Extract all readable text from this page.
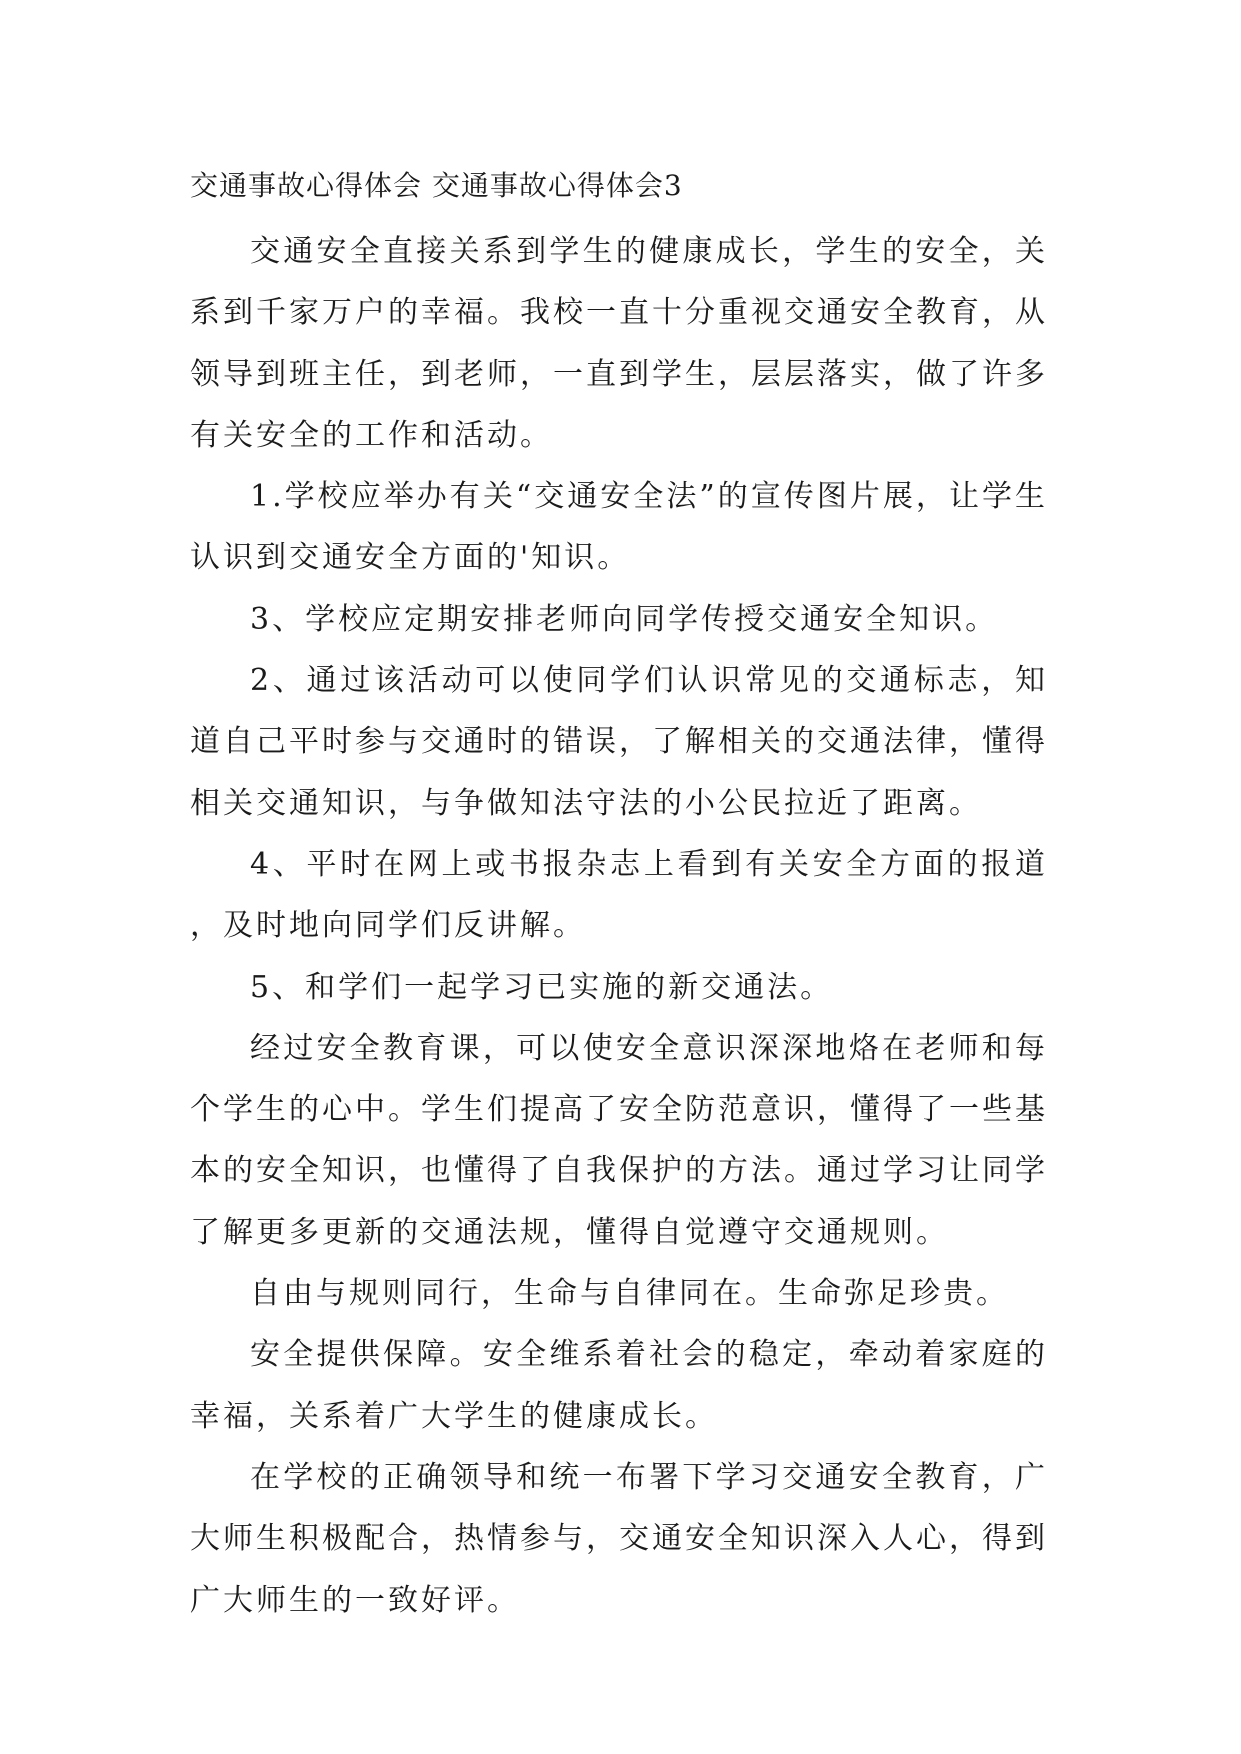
交通事故心得体会 交通事故心得体会3

交通安全直接关系到学生的健康成长，学生的安全，关系到千家万户的幸福。我校一直十分重视交通安全教育，从领导到班主任，到老师，一直到学生，层层落实，做了许多有关安全的工作和活动。

1.学校应举办有关“交通安全法”的宣传图片展，让学生认识到交通安全方面的'知识。

3、学校应定期安排老师向同学传授交通安全知识。

2、通过该活动可以使同学们认识常见的交通标志，知道自己平时参与交通时的错误，了解相关的交通法律，懂得相关交通知识，与争做知法守法的小公民拉近了距离。

4、平时在网上或书报杂志上看到有关安全方面的报道，及时地向同学们反讲解。

5、和学们一起学习已实施的新交通法。

经过安全教育课，可以使安全意识深深地烙在老师和每个学生的心中。学生们提高了安全防范意识，懂得了一些基本的安全知识，也懂得了自我保护的方法。通过学习让同学了解更多更新的交通法规，懂得自觉遵守交通规则。

自由与规则同行，生命与自律同在。生命弥足珍贵。

安全提供保障。安全维系着社会的稳定，牵动着家庭的幸福，关系着广大学生的健康成长。

在学校的正确领导和统一布署下学习交通安全教育，广大师生积极配合，热情参与，交通安全知识深入人心，得到广大师生的一致好评。
